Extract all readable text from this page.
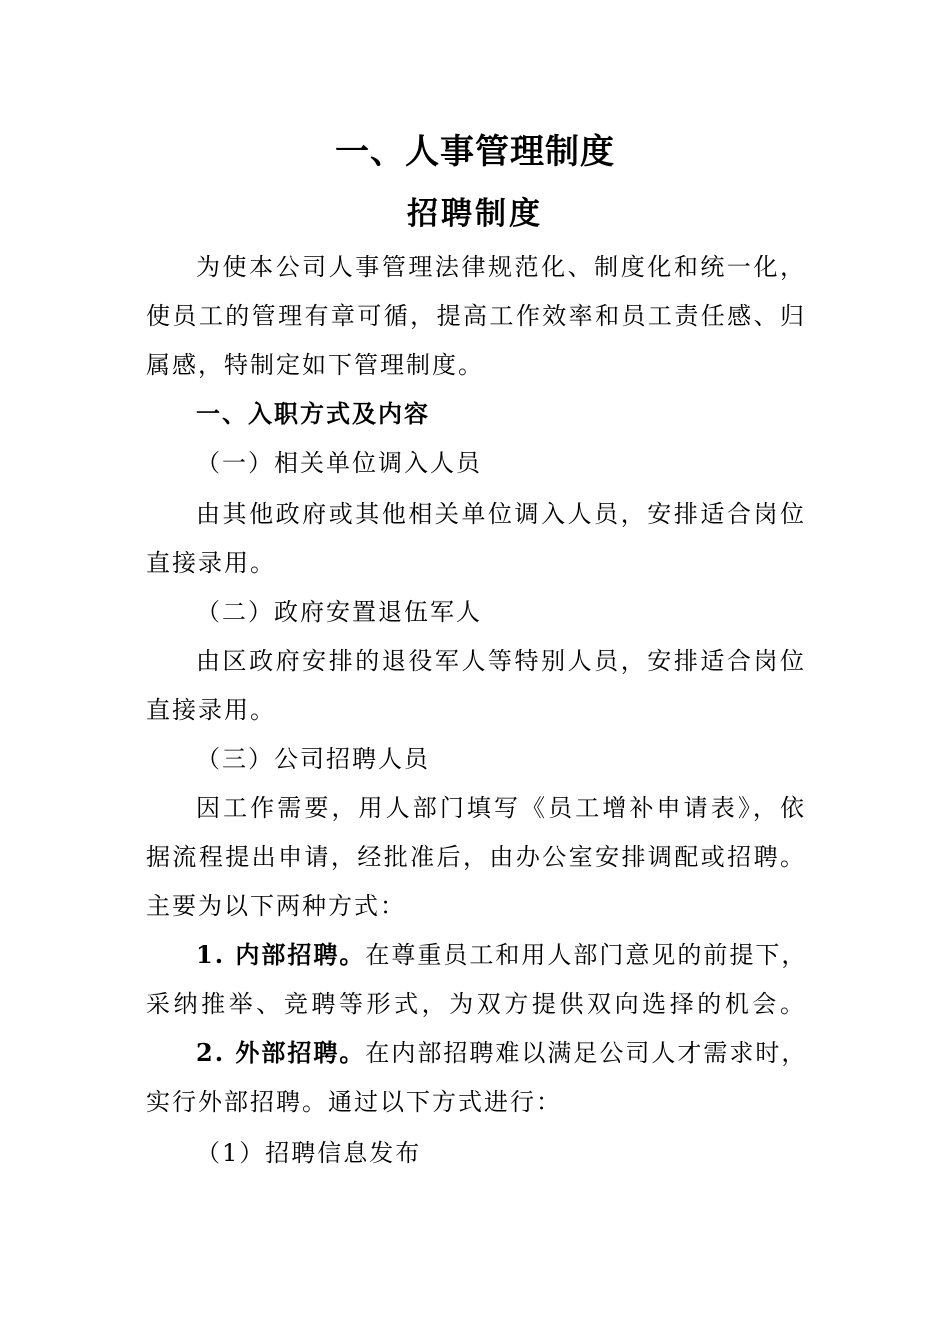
一、人事管理制度
招聘制度
为使本公司人事管理法律规范化、制度化和统一化，
使员工的管理有章可循，提高工作效率和员工责任感、归
属感，特制定如下管理制度。
一、入职方式及内容
（一）相关单位调入人员
由其他政府或其他相关单位调入人员，安排适合岗位
直接录用。
（二）政府安置退伍军人
由区政府安排的退役军人等特别人员，安排适合岗位
直接录用。
（三）公司招聘人员
因工作需要，用人部门填写《员工增补申请表》，依
据流程提出申请，经批准后，由办公室安排调配或招聘。
主要为以下两种方式：
1. 内部招聘。在尊重员工和用人部门意见的前提下，
采纳推举、竞聘等形式，为双方提供双向选择的机会。
2. 外部招聘。在内部招聘难以满足公司人才需求时，
实行外部招聘。通过以下方式进行：
（1）招聘信息发布
